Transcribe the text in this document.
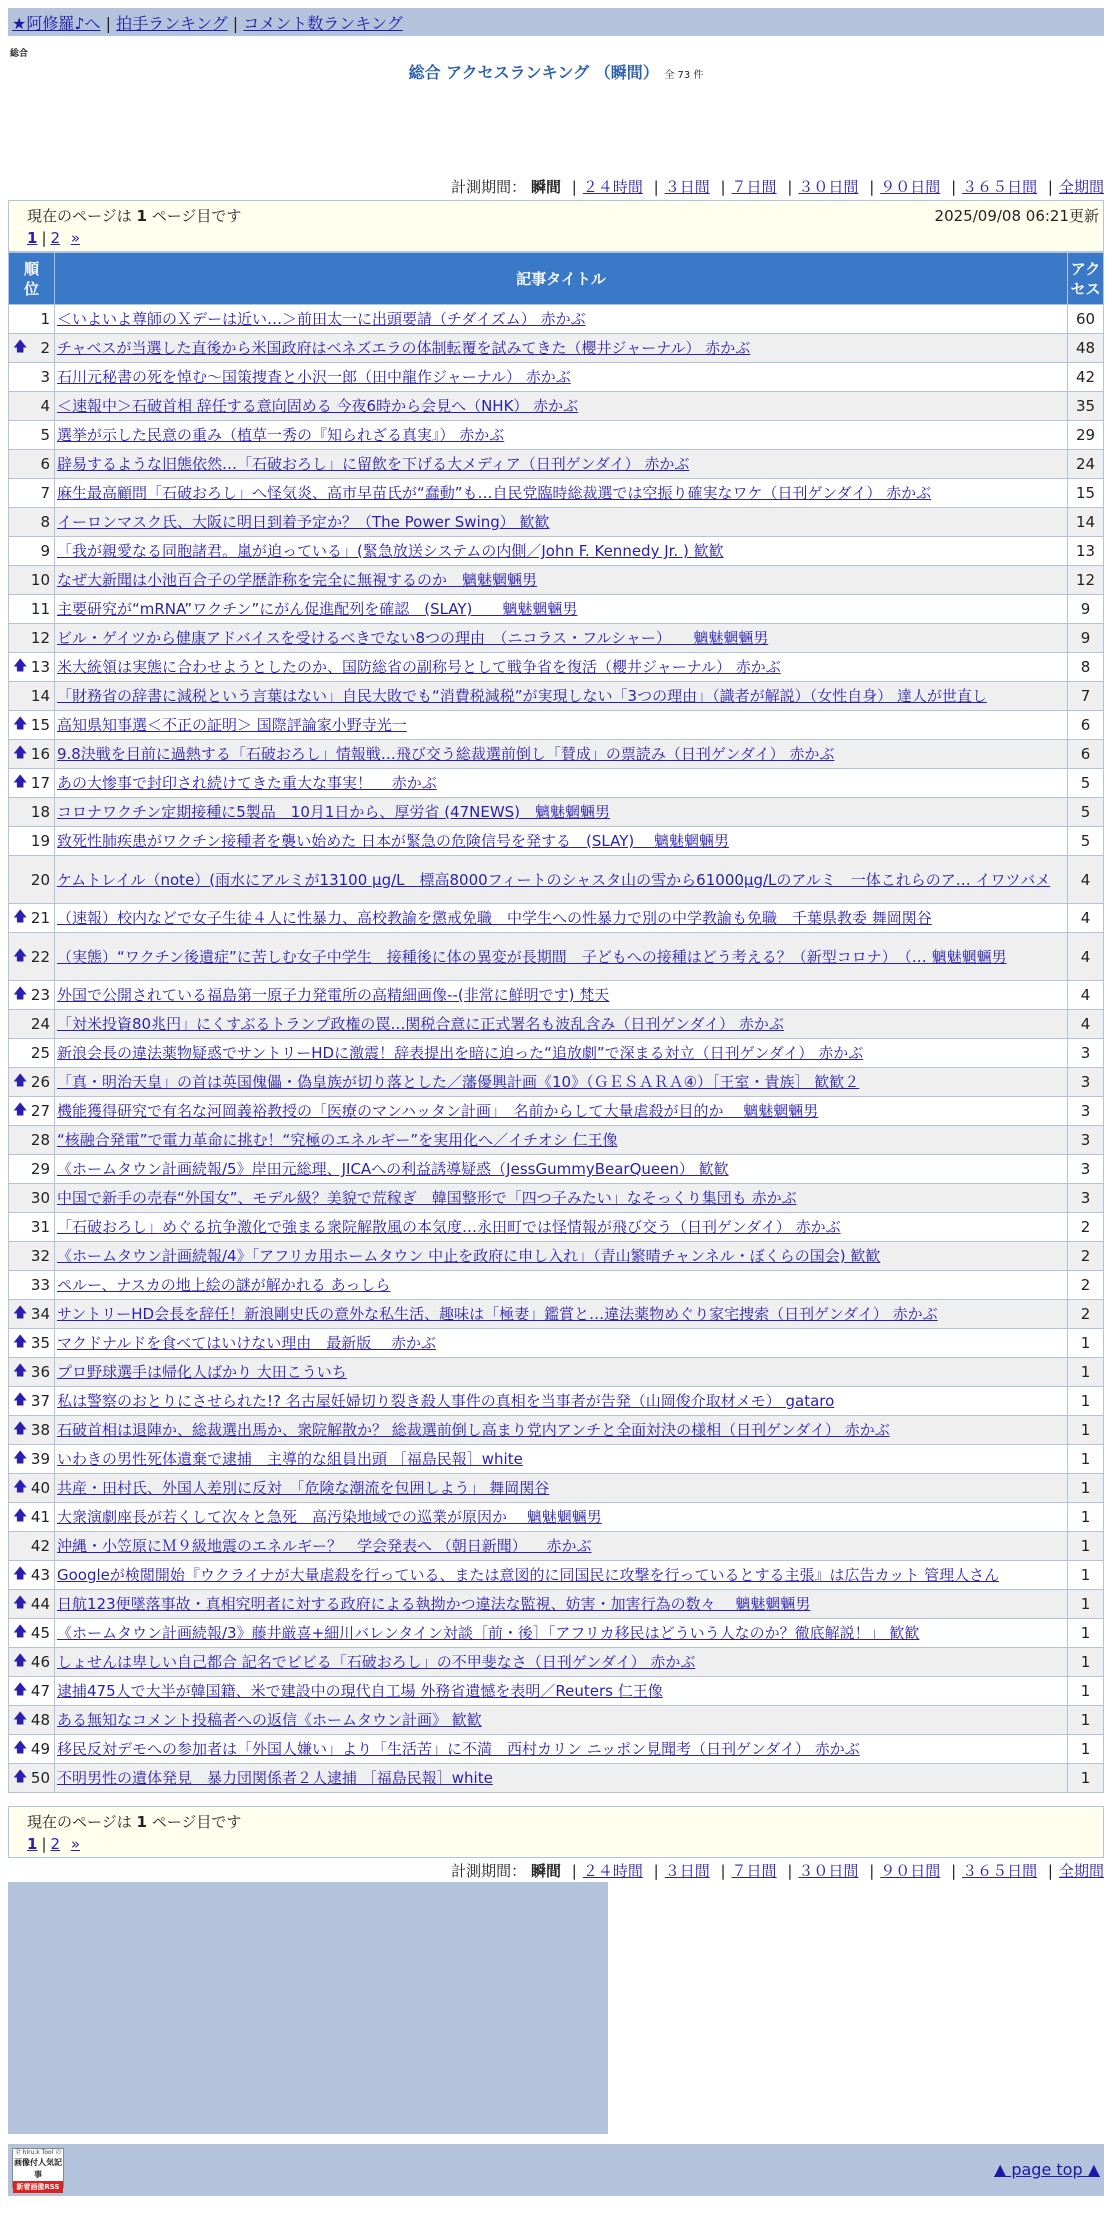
★阿修羅♪へ | 拍手ランキング | コメント数ランキング
総合
総合 アクセスランキング （瞬間） 全 73 件
計測期間： 瞬間 | ２４時間 | ３日間 | ７日間 | ３０日間 | ９０日間 | ３６５日間 | 全期間
現在のページは 1 ページ目です	2025/09/08 06:21更新
1 | 2 »
順位	記事タイトル	アクセス
1	＜いよいよ尊師のＸデーは近い…＞前田太一に出頭要請（チダイズム） 赤かぶ	60

🡅 2	チャベスが当選した直後から米国政府はベネズエラの体制転覆を試みてきた（櫻井ジャーナル） 赤かぶ	48
3	石川元秘書の死を悼む〜国策捜査と小沢一郎（田中龍作ジャーナル） 赤かぶ	42
4	＜速報中＞石破首相 辞任する意向固める 今夜6時から会見へ（NHK） 赤かぶ	35
5	選挙が示した民意の重み（植草一秀の『知られざる真実』） 赤かぶ	29
6	辟易するような旧態依然…「石破おろし」に留飲を下げる大メディア（日刊ゲンダイ） 赤かぶ	24
7	麻生最高顧問「石破おろし」へ怪気炎、高市早苗氏が“蠢動”も…自民党臨時総裁選では空振り確実なワケ（日刊ゲンダイ） 赤かぶ	15
8	イーロンマスク氏、大阪に明日到着予定か？（The Power Swing） 歓歓	14
9	「我が親愛なる同胞諸君。嵐が迫っている」(緊急放送システムの内側／John F. Kennedy Jr. ) 歓歓	13
10	なぜ大新聞は小池百合子の学歴詐称を完全に無視するのか　魑魅魍魎男	12
11	主要研究が“mRNA”ワクチン”にがん促進配列を確認　(SLAY)　　魑魅魍魎男	9
12	ビル・ゲイツから健康アドバイスを受けるべきでない8つの理由　（ニコラス・フルシャー）　　魑魅魍魎男	9

🡅 13	米大統領は実態に合わせようとしたのか、国防総省の副称号として戦争省を復活（櫻井ジャーナル） 赤かぶ	8
14	「財務省の辞書に減税という言葉はない」自民大敗でも“消費税減税”が実現しない「3つの理由」（識者が解説）（女性自身） 達人が世直し	7

🡅 15	高知県知事選＜不正の証明＞ 国際評論家小野寺光一	6

🡅 16	9.8決戦を目前に過熱する「石破おろし」情報戦…飛び交う総裁選前倒し「賛成」の票読み（日刊ゲンダイ） 赤かぶ	6

🡅 17	あの大惨事で封印され続けてきた重大な事実！　 赤かぶ	5
18	コロナワクチン定期接種に5製品　10月1日から、厚労省 (47NEWS)　魑魅魍魎男	5
19	致死性肺疾患がワクチン接種者を襲い始めた 日本が緊急の危険信号を発する　(SLAY)　 魑魅魍魎男	5
20	ケムトレイル（note）(雨水にアルミが13100 μg/L　標高8000フィートのシャスタ山の雪から61000μg/Lのアルミ　一体これらのア… イワツバメ	4

🡅 21	（速報）校内などで女子生徒４人に性暴力、高校教諭を懲戒免職　中学生への性暴力で別の中学教諭も免職　千葉県教委 舞岡関谷	4

🡅 22	（実態）“ワクチン後遺症”に苦しむ女子中学生　接種後に体の異変が長期間　子どもへの接種はどう考える？（新型コロナ）　（… 魑魅魍魎男	4

🡅 23	外国で公開されている福島第一原子力発電所の高精細画像--(非常に鮮明です) 梵天	4
24	「対米投資80兆円」にくすぶるトランプ政権の罠…関税合意に正式署名も波乱含み（日刊ゲンダイ） 赤かぶ	4
25	新浪会長の違法薬物疑惑でサントリーHDに激震！辞表提出を暗に迫った“追放劇”で深まる対立（日刊ゲンダイ） 赤かぶ	3

🡅 26	「真・明治天皇」の首は英国傀儡・偽皇族が切り落とした／藩優興計画《10》（ＧＥＳＡＲＡ④）［王室・貴族］ 歓歓２	3

🡅 27	機能獲得研究で有名な河岡義裕教授の「医療のマンハッタン計画」　名前からして大量虐殺が目的か　 魑魅魍魎男	3
28	“核融合発電”で電力革命に挑む！“究極のエネルギー”を実用化へ／イチオシ 仁王像	3
29	《ホームタウン計画続報/5》岸田元総理、JICAへの利益誘導疑惑（JessGummyBearQueen） 歓歓	3
30	中国で新手の売春“外国女”、モデル級？美貌で荒稼ぎ　韓国整形で「四つ子みたい」なそっくり集団も 赤かぶ	3
31	「石破おろし」めぐる抗争激化で強まる衆院解散風の本気度…永田町では怪情報が飛び交う（日刊ゲンダイ） 赤かぶ	2
32	《ホームタウン計画続報/4》「アフリカ用ホームタウン 中止を政府に申し入れ」（青山繁晴チャンネル・ぼくらの国会) 歓歓	2
33	ペルー、ナスカの地上絵の謎が解かれる あっしら	2

🡅 34	サントリーHD会長を辞任！新浪剛史氏の意外な私生活、趣味は「極妻」鑑賞と…違法薬物めぐり家宅捜索（日刊ゲンダイ） 赤かぶ	2

🡅 35	マクドナルドを食べてはいけない理由　最新版　 赤かぶ	1

🡅 36	プロ野球選手は帰化人ばかり 大田こういち	1

🡅 37	私は警察のおとりにさせられた!? 名古屋妊婦切り裂き殺人事件の真相を当事者が告発（山岡俊介取材メモ） gataro	1

🡅 38	石破首相は退陣か、総裁選出馬か、衆院解散か？ 総裁選前倒し高まり党内アンチと全面対決の様相（日刊ゲンダイ） 赤かぶ	1

🡅 39	いわきの男性死体遺棄で逮捕　主導的な組員出頭 ［福島民報］white	1

🡅 40	共産・田村氏、外国人差別に反対　「危険な潮流を包囲しよう」 舞岡関谷	1

🡅 41	大衆演劇座長が若くして次々と急死　高汚染地域での巡業が原因か　 魑魅魍魎男	1
42	沖縄・小笠原にＭ９級地震のエネルギー？　学会発表へ （朝日新聞） 　赤かぶ	1

🡅 43	Googleが検閲開始『ウクライナが大量虐殺を行っている、または意図的に同国民に攻撃を行っているとする主張』は広告カット 管理人さん	1

🡅 44	日航123便墜落事故・真相究明者に対する政府による執拗かつ違法な監視、妨害・加害行為の数々　 魑魅魍魎男	1

🡅 45	《ホームタウン計画続報/3》藤井厳喜+細川バレンタイン対談［前・後］「アフリカ移民はどういう人なのか？徹底解説！」 歓歓	1

🡅 46	しょせんは卑しい自己都合 記名でビビる「石破おろし」の不甲斐なさ（日刊ゲンダイ） 赤かぶ	1

🡅 47	逮捕475人で大半が韓国籍、米で建設中の現代自工場 外務省遺憾を表明／Reuters 仁王像	1

🡅 48	ある無知なコメント投稿者への返信《ホームタウン計画》 歓歓	1

🡅 49	移民反対デモへの参加者は「外国人嫌い」より「生活苦」に不満　西村カリン ニッポン見聞考（日刊ゲンダイ） 赤かぶ	1

🡅 50	不明男性の遺体発見　暴力団関係者２人逮捕 ［福島民報］white	1
現在のページは 1 ページ目です
1 | 2 »
計測期間： 瞬間 | ２４時間 | ３日間 | ７日間 | ３０日間 | ９０日間 | ３６５日間 | 全期間
全 hiru.k Tool の
画像付人気記事
新着画像RSS
▲ page top ▲
